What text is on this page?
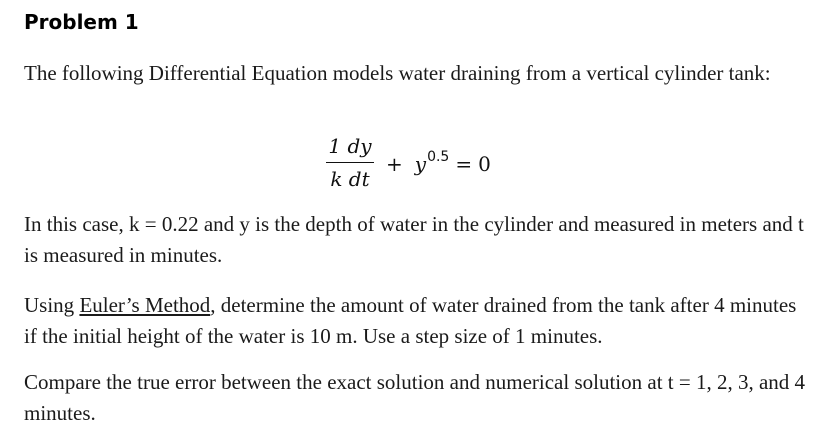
Problem 1

The following Differential Equation models water draining from a vertical cylinder tank:

1 dy
k dt
+ $y^{0.5} = 0$

In this case, k = 0.22 and y is the depth of water in the cylinder and measured in meters and t is measured in minutes.

Using Euler’s Method, determine the amount of water drained from the tank after 4 minutes if the initial height of the water is 10 m. Use a step size of 1 minutes.

Compare the true error between the exact solution and numerical solution at t = 1, 2, 3, and 4 minutes.
